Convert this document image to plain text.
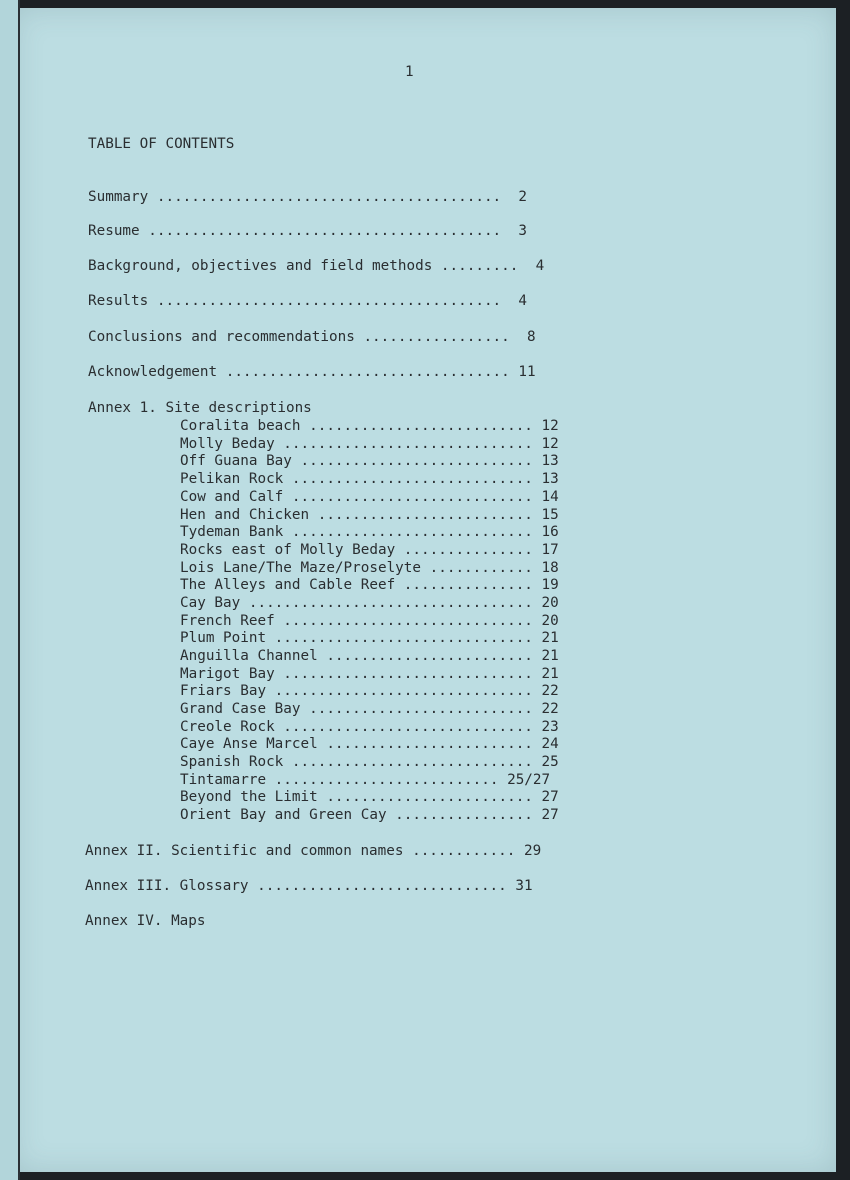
1
TABLE OF CONTENTS
Summary ........................................  2
Resume .........................................  3
Background, objectives and field methods .........  4
Results ........................................  4
Conclusions and recommendations .................  8
Acknowledgement ................................. 11
Annex 1. Site descriptions
Coralita beach .......................... 12
Molly Beday ............................. 12
Off Guana Bay ........................... 13
Pelikan Rock ............................ 13
Cow and Calf ............................ 14
Hen and Chicken ......................... 15
Tydeman Bank ............................ 16
Rocks east of Molly Beday ............... 17
Lois Lane/The Maze/Proselyte ............ 18
The Alleys and Cable Reef ............... 19
Cay Bay ................................. 20
French Reef ............................. 20
Plum Point .............................. 21
Anguilla Channel ........................ 21
Marigot Bay ............................. 21
Friars Bay .............................. 22
Grand Case Bay .......................... 22
Creole Rock ............................. 23
Caye Anse Marcel ........................ 24
Spanish Rock ............................ 25
Tintamarre .......................... 25/27
Beyond the Limit ........................ 27
Orient Bay and Green Cay ................ 27
Annex II. Scientific and common names ............ 29
Annex III. Glossary ............................. 31
Annex IV. Maps
